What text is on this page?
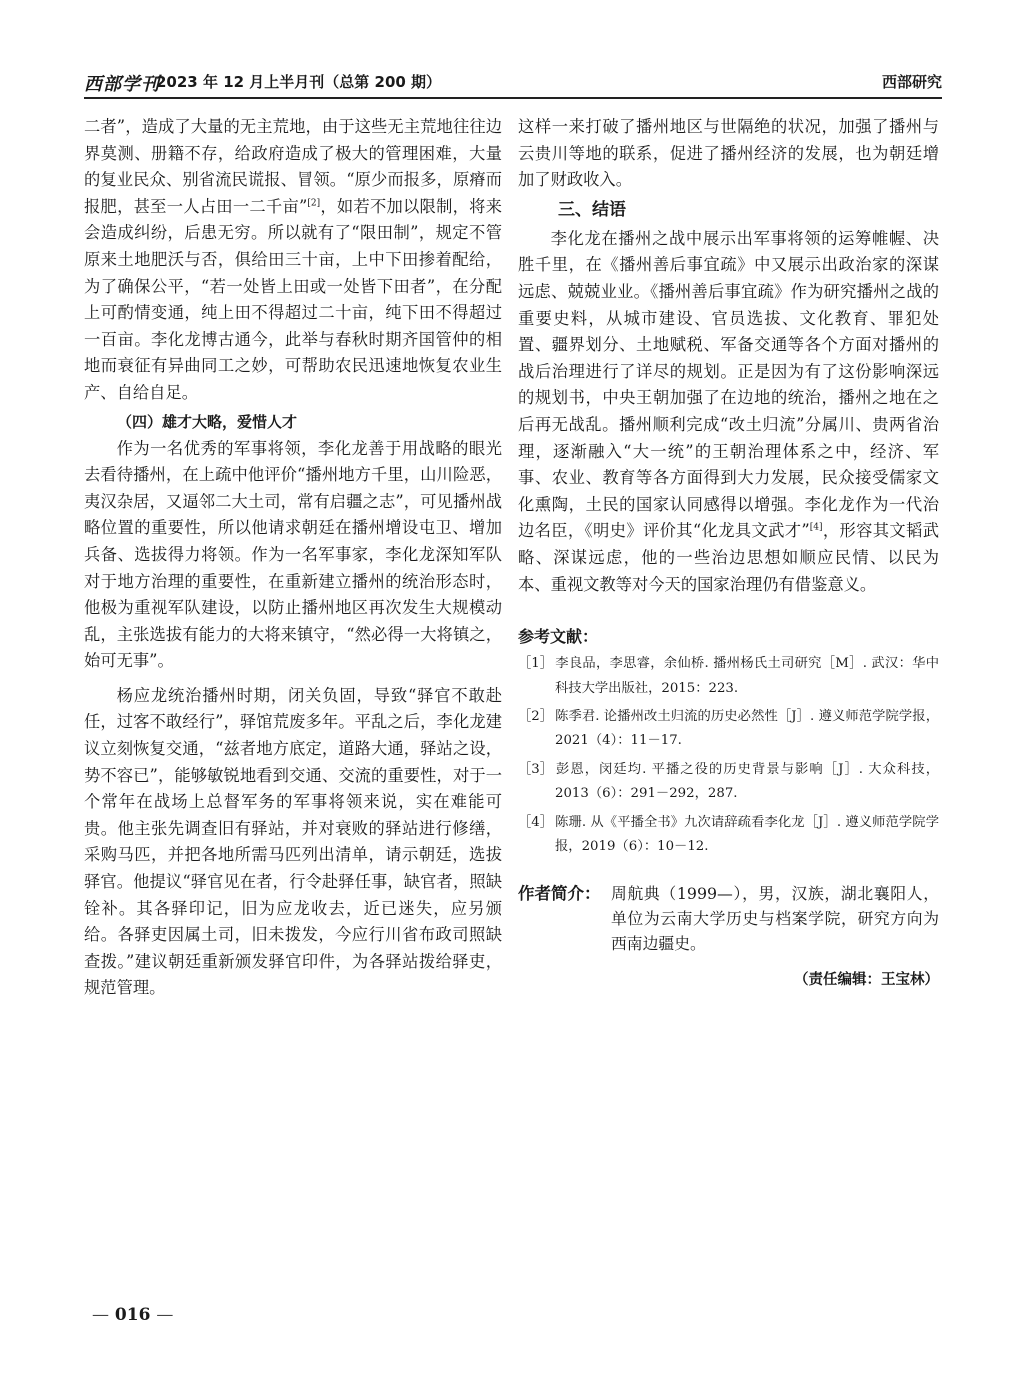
西部学刊
2023 年 12 月上半月刊（总第 200 期）	西部研究

二者”，造成了大量的无主荒地，由于这些无主荒地往往边界莫测、册籍不存，给政府造成了极大的管理困难，大量的复业民众、别省流民谎报、冒领。“原少而报多，原瘠而报肥，甚至一人占田一二千亩”[2]，如若不加以限制，将来会造成纠纷，后患无穷。所以就有了“限田制”，规定不管原来土地肥沃与否，俱给田三十亩，上中下田掺着配给，为了确保公平，“若一处皆上田或一处皆下田者”，在分配上可酌情变通，纯上田不得超过二十亩，纯下田不得超过一百亩。李化龙博古通今，此举与春秋时期齐国管仲的相地而衰征有异曲同工之妙，可帮助农民迅速地恢复农业生产、自给自足。

（四）雄才大略，爱惜人才

作为一名优秀的军事将领，李化龙善于用战略的眼光去看待播州，在上疏中他评价“播州地方千里，山川险恶，夷汉杂居，又逼邻二大土司，常有启疆之志”，可见播州战略位置的重要性，所以他请求朝廷在播州增设屯卫、增加兵备、选拔得力将领。作为一名军事家，李化龙深知军队对于地方治理的重要性，在重新建立播州的统治形态时，他极为重视军队建设，以防止播州地区再次发生大规模动乱，主张选拔有能力的大将来镇守，“然必得一大将镇之，始可无事”。

杨应龙统治播州时期，闭关负固，导致“驿官不敢赴任，过客不敢经行”，驿馆荒废多年。平乱之后，李化龙建议立刻恢复交通，“兹者地方底定，道路大通，驿站之设，势不容已”，能够敏锐地看到交通、交流的重要性，对于一个常年在战场上总督军务的军事将领来说，实在难能可贵。他主张先调查旧有驿站，并对衰败的驿站进行修缮，采购马匹，并把各地所需马匹列出清单，请示朝廷，选拔驿官。他提议“驿官见在者，行令赴驿任事，缺官者，照缺铨补。其各驿印记，旧为应龙收去，近已迷失，应另颁给。各驿吏因属土司，旧未拨发，今应行川省布政司照缺查拨。”建议朝廷重新颁发驿官印件，为各驿站拨给驿吏，规范管理。

这样一来打破了播州地区与世隔绝的状况，加强了播州与云贵川等地的联系，促进了播州经济的发展，也为朝廷增加了财政收入。

三、结语

李化龙在播州之战中展示出军事将领的运筹帷幄、决胜千里，在《播州善后事宜疏》中又展示出政治家的深谋远虑、兢兢业业。《播州善后事宜疏》作为研究播州之战的重要史料，从城市建设、官员选拔、文化教育、罪犯处置、疆界划分、土地赋税、军备交通等各个方面对播州的战后治理进行了详尽的规划。正是因为有了这份影响深远的规划书，中央王朝加强了在边地的统治，播州之地在之后再无战乱。播州顺利完成“改土归流”分属川、贵两省治理，逐渐融入“大一统”的王朝治理体系之中，经济、军事、农业、教育等各方面得到大力发展，民众接受儒家文化熏陶，土民的国家认同感得以增强。李化龙作为一代治边名臣，《明史》评价其“化龙具文武才”[4]，形容其文韬武略、深谋远虑，他的一些治边思想如顺应民情、以民为本、重视文教等对今天的国家治理仍有借鉴意义。

参考文献：
［1］ 李良品，李思睿，余仙桥. 播州杨氏土司研究［M］. 武汉：华中科技大学出版社，2015：223.
［2］ 陈季君. 论播州改土归流的历史必然性［J］. 遵义师范学院学报，2021（4）：11－17.
［3］ 彭恩，闵廷均. 平播之役的历史背景与影响［J］. 大众科技，2013（6）：291－292，287.
［4］ 陈珊. 从《平播全书》九次请辞疏看李化龙［J］. 遵义师范学院学报，2019（6）：10－12.
作者简介： 周航典（1999—），男，汉族，湖北襄阳人，单位为云南大学历史与档案学院，研究方向为西南边疆史。
（责任编辑：王宝林）
— 016 —
